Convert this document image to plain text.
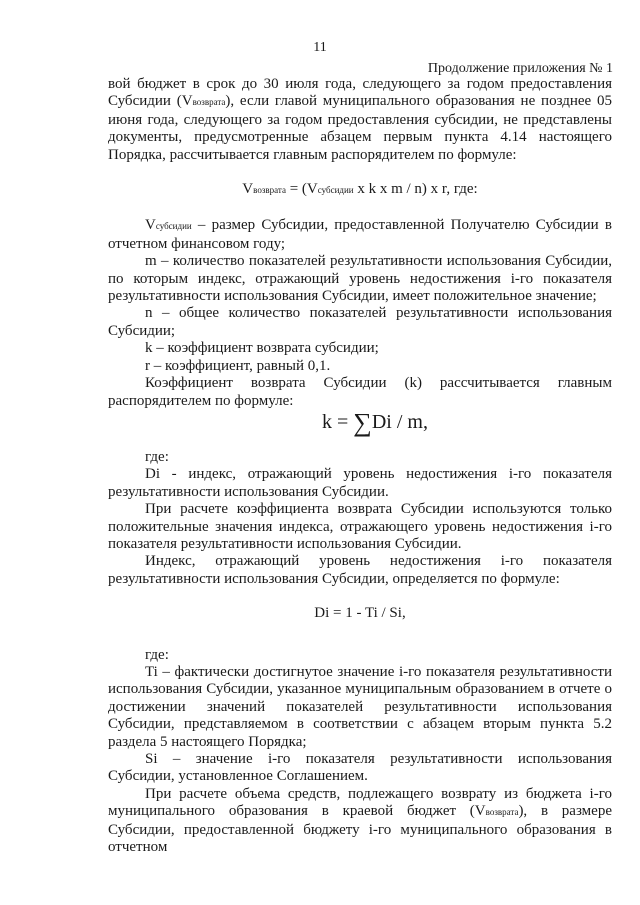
11
Продолжение приложения № 1

вой бюджет в срок до 30 июля года, следующего за годом предоставления Субсидии (Vвозврата), если главой муниципального образования не позднее 05 июня года, следующего за годом предоставления субсидии, не представлены документы, предусмотренные абзацем первым пункта 4.14 настоящего Порядка, рассчитывается главным распорядителем по формуле:

Vвозврата = (Vсубсидии x k x m / n) x r, где:

Vсубсидии – размер Субсидии, предоставленной Получателю Субсидии в отчетном финансовом году;

m – количество показателей результативности использования Субсидии, по которым индекс, отражающий уровень недостижения i-го показателя результативности использования Субсидии, имеет положительное значение;

n – общее количество показателей результативности использования Субсидии;

k – коэффициент возврата субсидии;

r – коэффициент, равный 0,1.

Коэффициент возврата Субсидии (k) рассчитывается главным распорядителем по формуле:

k = ∑Di / m,

где:

Di - индекс, отражающий уровень недостижения i-го показателя результативности использования Субсидии.

При расчете коэффициента возврата Субсидии используются только положительные значения индекса, отражающего уровень недостижения i-го показателя результативности использования Субсидии.

Индекс, отражающий уровень недостижения i-го показателя результативности использования Субсидии, определяется по формуле:

Di = 1 - Ti / Si,

где:

Ti – фактически достигнутое значение i-го показателя результативности использования Субсидии, указанное муниципальным образованием в отчете о достижении значений показателей результативности использования Субсидии, представляемом в соответствии с абзацем вторым пункта 5.2 раздела 5 настоящего Порядка;

Si – значение i-го показателя результативности использования Субсидии, установленное Соглашением.

При расчете объема средств, подлежащего возврату из бюджета i-го муниципального образования в краевой бюджет (Vвозврата), в размере Субсидии, предоставленной бюджету i-го муниципального образования в отчетном
